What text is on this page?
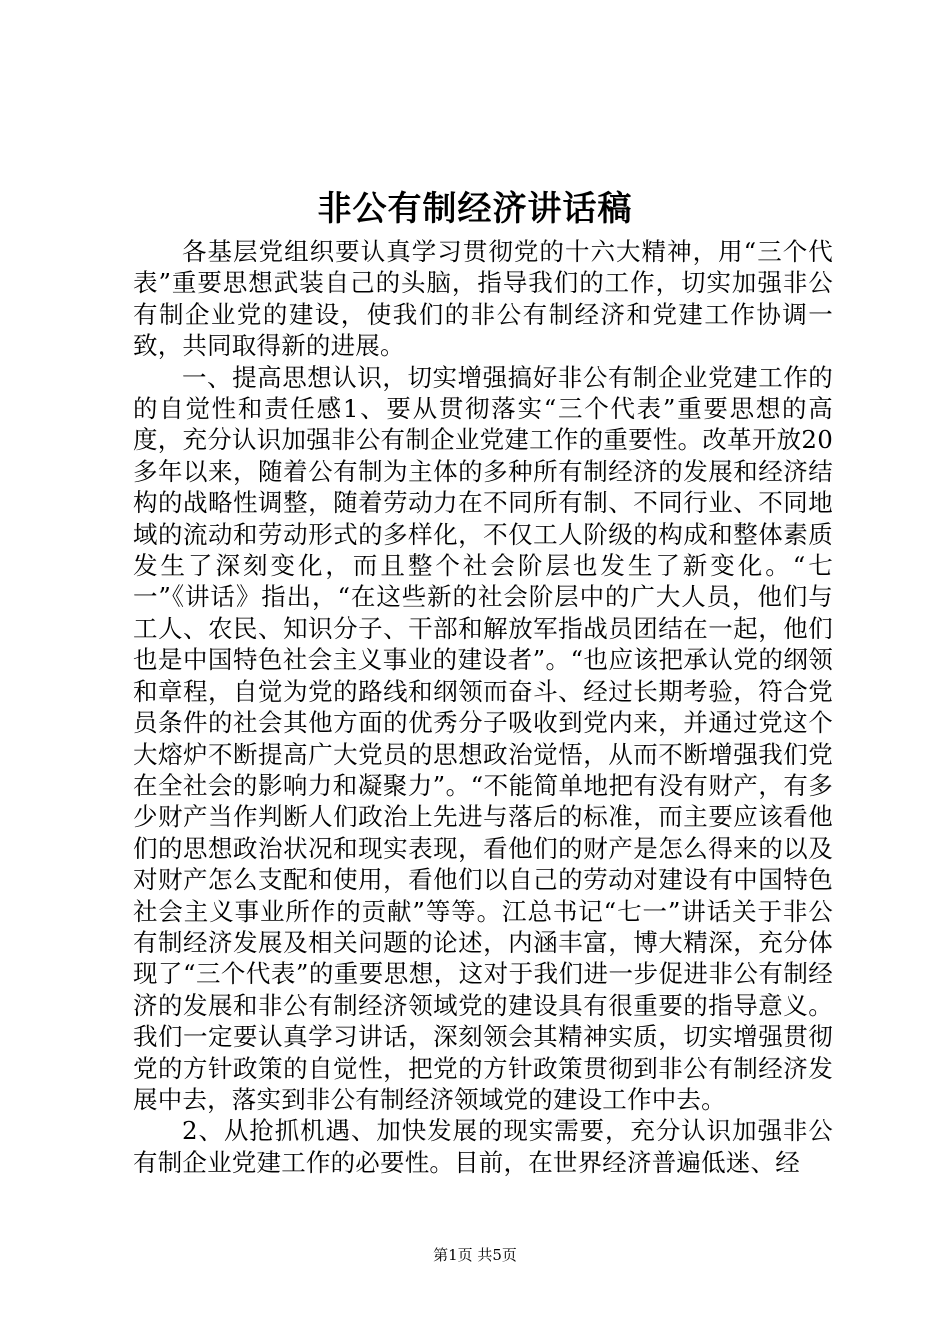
非公有制经济讲话稿

各基层党组织要认真学习贯彻党的十六大精神，用“三个代表”重要思想武装自己的头脑，指导我们的工作，切实加强非公有制企业党的建设，使我们的非公有制经济和党建工作协调一致，共同取得新的进展。

一、提高思想认识，切实增强搞好非公有制企业党建工作的的自觉性和责任感1、要从贯彻落实“三个代表”重要思想的高度，充分认识加强非公有制企业党建工作的重要性。改革开放20多年以来，随着公有制为主体的多种所有制经济的发展和经济结构的战略性调整，随着劳动力在不同所有制、不同行业、不同地域的流动和劳动形式的多样化，不仅工人阶级的构成和整体素质发生了深刻变化，而且整个社会阶层也发生了新变化。“七一”《讲话》指出，“在这些新的社会阶层中的广大人员，他们与工人、农民、知识分子、干部和解放军指战员团结在一起，他们也是中国特色社会主义事业的建设者”。“也应该把承认党的纲领和章程，自觉为党的路线和纲领而奋斗、经过长期考验，符合党员条件的社会其他方面的优秀分子吸收到党内来，并通过党这个大熔炉不断提高广大党员的思想政治觉悟，从而不断增强我们党在全社会的影响力和凝聚力”。“不能简单地把有没有财产，有多少财产当作判断人们政治上先进与落后的标准，而主要应该看他们的思想政治状况和现实表现，看他们的财产是怎么得来的以及对财产怎么支配和使用，看他们以自己的劳动对建设有中国特色社会主义事业所作的贡献”等等。江总书记“七一”讲话关于非公有制经济发展及相关问题的论述，内涵丰富，博大精深，充分体现了“三个代表”的重要思想，这对于我们进一步促进非公有制经济的发展和非公有制经济领域党的建设具有很重要的指导意义。我们一定要认真学习讲话，深刻领会其精神实质，切实增强贯彻党的方针政策的自觉性，把党的方针政策贯彻到非公有制经济发展中去，落实到非公有制经济领域党的建设工作中去。

2、从抢抓机遇、加快发展的现实需要，充分认识加强非公有制企业党建工作的必要性。目前，在世界经济普遍低迷、经

第1页 共5页
